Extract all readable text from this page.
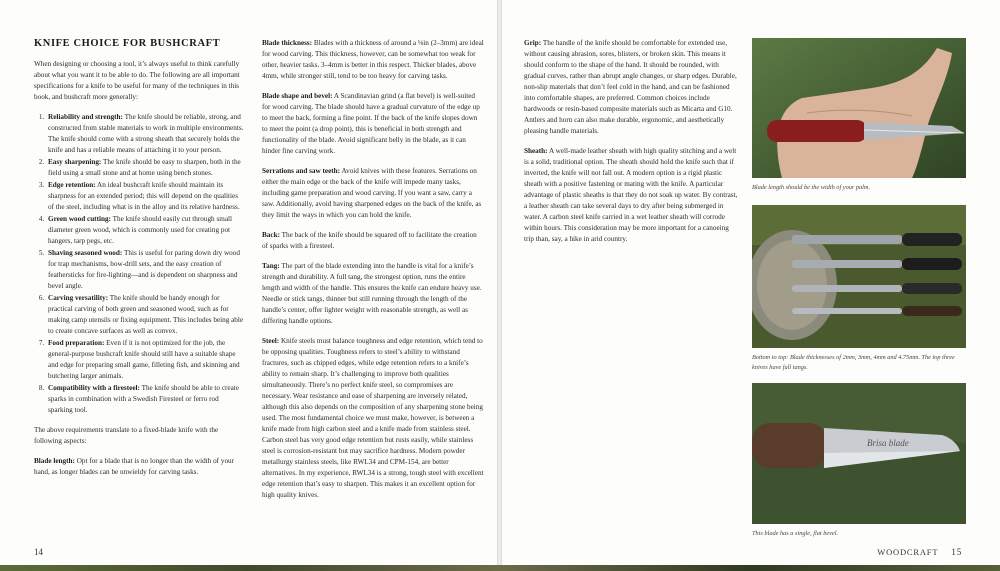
KNIFE CHOICE FOR BUSHCRAFT

When designing or choosing a tool, it’s always useful to think carefully about what you want it to be able to do. The following are all important specifications for a knife to be useful for many of the techniques in this book, and bushcraft more generally:

1. Reliability and strength: The knife should be reliable, strong, and constructed from stable materials to work in multiple environments. The knife should come with a strong sheath that securely holds the knife and has a reliable means of attaching it to your person.
2. Easy sharpening: The knife should be easy to sharpen, both in the field using a small stone and at home using bench stones.
3. Edge retention: An ideal bushcraft knife should maintain its sharpness for an extended period; this will depend on the qualities of the steel, including what is in the alloy and its relative hardness.
4. Green wood cutting: The knife should easily cut through small diameter green wood, which is commonly used for creating pot hangers, tarp pegs, etc.
5. Shaving seasoned wood: This is useful for paring down dry wood for trap mechanisms, bow-drill sets, and the easy creation of feathersticks for fire-lighting—and is dependent on sharpness and bevel angle.
6. Carving versatility: The knife should be handy enough for practical carving of both green and seasoned wood, such as for making camp utensils or fixing equipment. This includes being able to create concave surfaces as well as convex.
7. Food preparation: Even if it is not optimized for the job, the general-purpose bushcraft knife should still have a suitable shape and edge for preparing small game, filleting fish, and skinning and butchering larger animals.
8. Compatibility with a firesteel: The knife should be able to create sparks in combination with a Swedish Firesteel or ferro rod sparking tool.

The above requirements translate to a fixed-blade knife with the following aspects:

Blade length: Opt for a blade that is no longer than the width of your hand, as longer blades can be unwieldy for carving tasks.

Blade thickness: Blades with a thickness of around a ⅛in (2–3mm) are ideal for wood carving. This thickness, however, can be somewhat too weak for other, heavier tasks. 3–4mm is better in this respect. Thicker blades, above 4mm, while stronger still, tend to be too heavy for carving tasks.

Blade shape and bevel: A Scandinavian grind (a flat bevel) is well-suited for wood carving. The blade should have a gradual curvature of the edge up to meet the back, forming a fine point. If the back of the knife slopes down to meet the point (a drop point), this is beneficial in both strength and functionality of the blade. Avoid significant belly in the blade, as it can hinder fine carving work.

Serrations and saw teeth: Avoid knives with these features. Serrations on either the main edge or the back of the knife will impede many tasks, including game preparation and wood carving. If you want a saw, carry a saw. Additionally, avoid having sharpened edges on the back of the knife, as they limit the ways in which you can hold the knife.

Back: The back of the knife should be squared off to facilitate the creation of sparks with a firesteel.

Tang: The part of the blade extending into the handle is vital for a knife’s strength and durability. A full tang, the strongest option, runs the entire length and width of the handle. This ensures the knife can endure heavy use. Needle or stick tangs, thinner but still running through the length of the handle’s center, offer lighter weight with reasonable strength, as well as differing handle options.

Steel: Knife steels must balance toughness and edge retention, which tend to be opposing qualities. Toughness refers to steel’s ability to withstand fractures, such as chipped edges, while edge retention refers to a knife’s ability to remain sharp. It’s challenging to improve both qualities simultaneously. There’s no perfect knife steel, so compromises are necessary. Wear resistance and ease of sharpening are inversely related, although this also depends on the composition of any sharpening stone being used. The most fundamental choice we must make, however, is between a knife made from high carbon steel and a knife made from stainless steel. Carbon steel has very good edge retention but rusts easily, while stainless steel is corrosion-resistant but may sacrifice hardness. Modern powder metallurgy stainless steels, like RWL34 and CPM-154, are better alternatives. In my experience, RWL34 is a strong, tough steel with excellent edge retention that’s easy to sharpen. This makes it an excellent option for high quality knives.

14

Grip: The handle of the knife should be comfortable for extended use, without causing abrasion, sores, blisters, or broken skin. This means it should conform to the shape of the hand. It should be rounded, with gradual curves, rather than abrupt angle changes, or sharp edges. Durable, non-slip materials that don’t feel cold in the hand, and can be fashioned into comfortable shapes, are preferred. Common choices include hardwoods or resin-based composite materials such as Micarta and G10. Antlers and horn can also make durable, ergonomic, and aesthetically pleasing handle materials.

Sheath: A well-made leather sheath with high quality stitching and a welt is a solid, traditional option. The sheath should hold the knife such that if inverted, the knife will not fall out. A modern option is a rigid plastic sheath with a positive fastening or mating with the knife. A particular advantage of plastic sheaths is that they do not soak up water. By contrast, a leather sheath can take several days to dry after being submerged in water. A carbon steel knife carried in a wet leather sheath will corrode within hours. This consideration may be more important for a canoeing trip than, say, a hike in arid country.

Blade length should be the width of your palm.
Bottom to top: Blade thicknesses of 2mm, 3mm, 4mm and 4.75mm. The top three knives have full tangs.
Brisa blade
This blade has a single, flat bevel.
WOODCRAFT 15
